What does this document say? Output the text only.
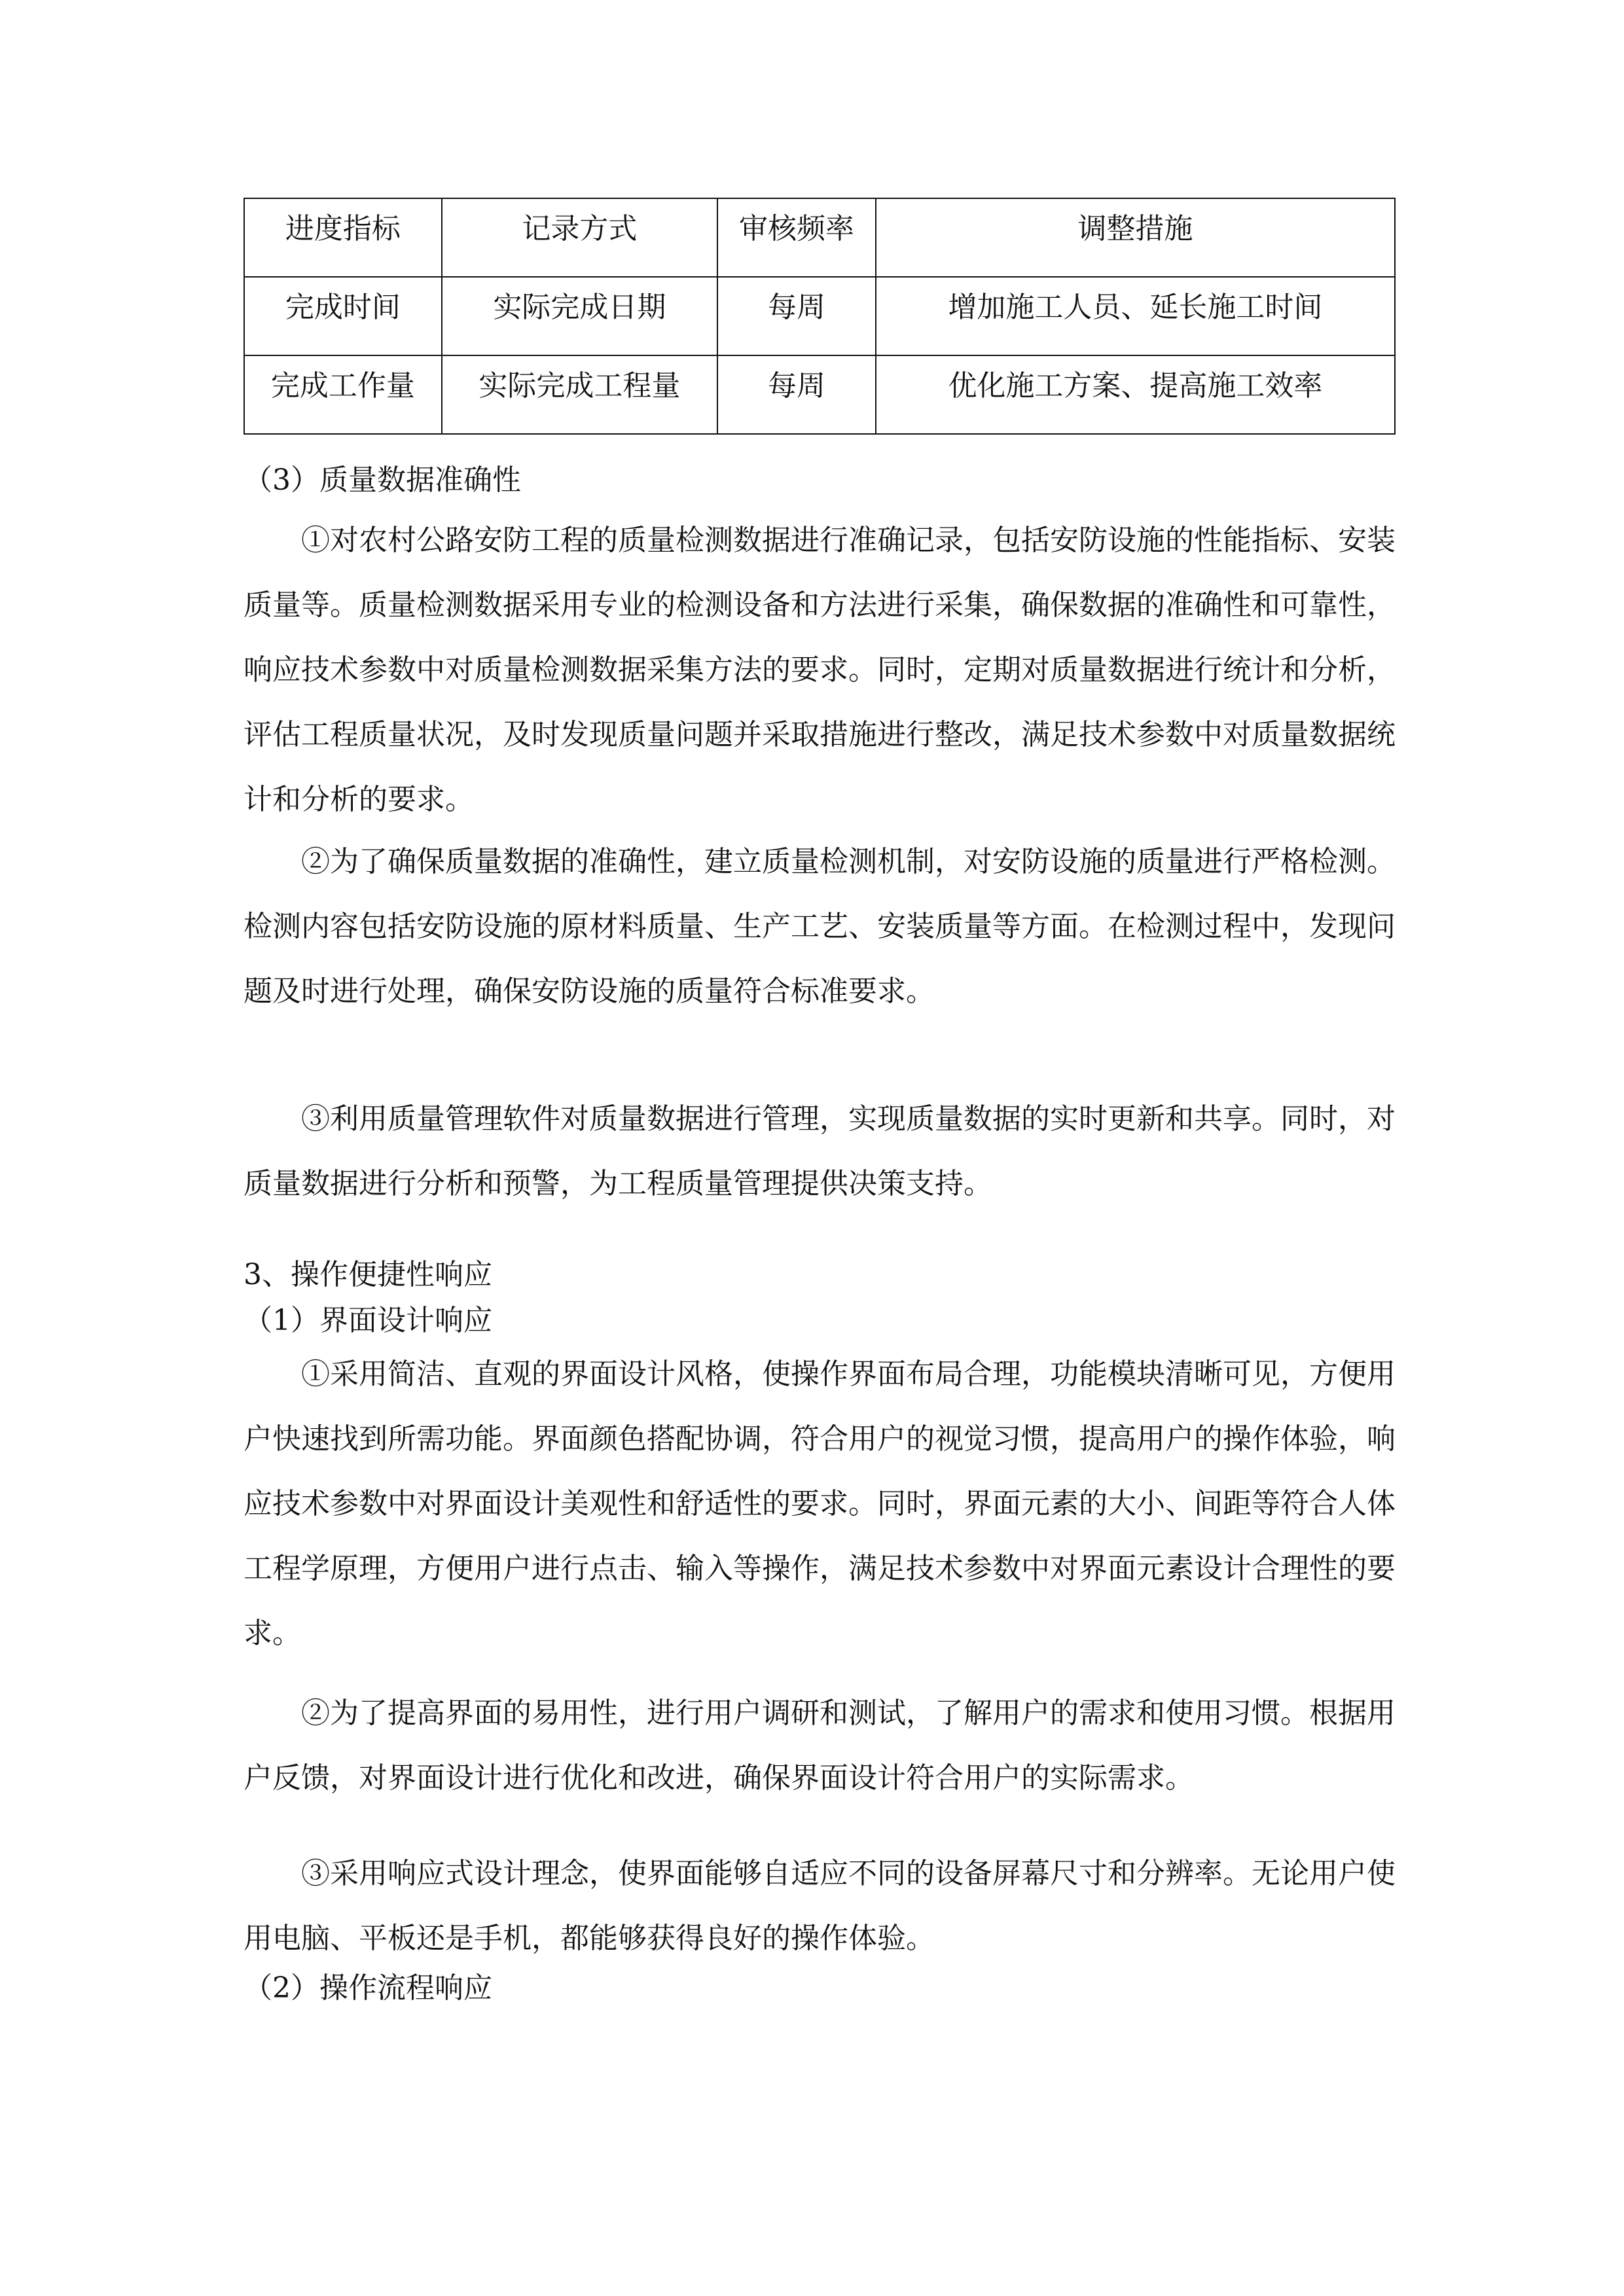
进度指标	记录方式	审核频率	调整措施
完成时间	实际完成日期	每周	增加施工人员、延长施工时间
完成工作量	实际完成工程量	每周	优化施工方案、提高施工效率
（3）质量数据准确性
①对农村公路安防工程的质量检测数据进行准确记录，包括安防设施的性能指标、安装质量等。质量检测数据采用专业的检测设备和方法进行采集，确保数据的准确性和可靠性，响应技术参数中对质量检测数据采集方法的要求。同时，定期对质量数据进行统计和分析，评估工程质量状况，及时发现质量问题并采取措施进行整改，满足技术参数中对质量数据统计和分析的要求。
②为了确保质量数据的准确性，建立质量检测机制，对安防设施的质量进行严格检测。检测内容包括安防设施的原材料质量、生产工艺、安装质量等方面。在检测过程中，发现问题及时进行处理，确保安防设施的质量符合标准要求。
③利用质量管理软件对质量数据进行管理，实现质量数据的实时更新和共享。同时，对质量数据进行分析和预警，为工程质量管理提供决策支持。
3、操作便捷性响应
（1）界面设计响应
①采用简洁、直观的界面设计风格，使操作界面布局合理，功能模块清晰可见，方便用户快速找到所需功能。界面颜色搭配协调，符合用户的视觉习惯，提高用户的操作体验，响应技术参数中对界面设计美观性和舒适性的要求。同时，界面元素的大小、间距等符合人体工程学原理，方便用户进行点击、输入等操作，满足技术参数中对界面元素设计合理性的要求。
②为了提高界面的易用性，进行用户调研和测试，了解用户的需求和使用习惯。根据用户反馈，对界面设计进行优化和改进，确保界面设计符合用户的实际需求。
③采用响应式设计理念，使界面能够自适应不同的设备屏幕尺寸和分辨率。无论用户使用电脑、平板还是手机，都能够获得良好的操作体验。
（2）操作流程响应
